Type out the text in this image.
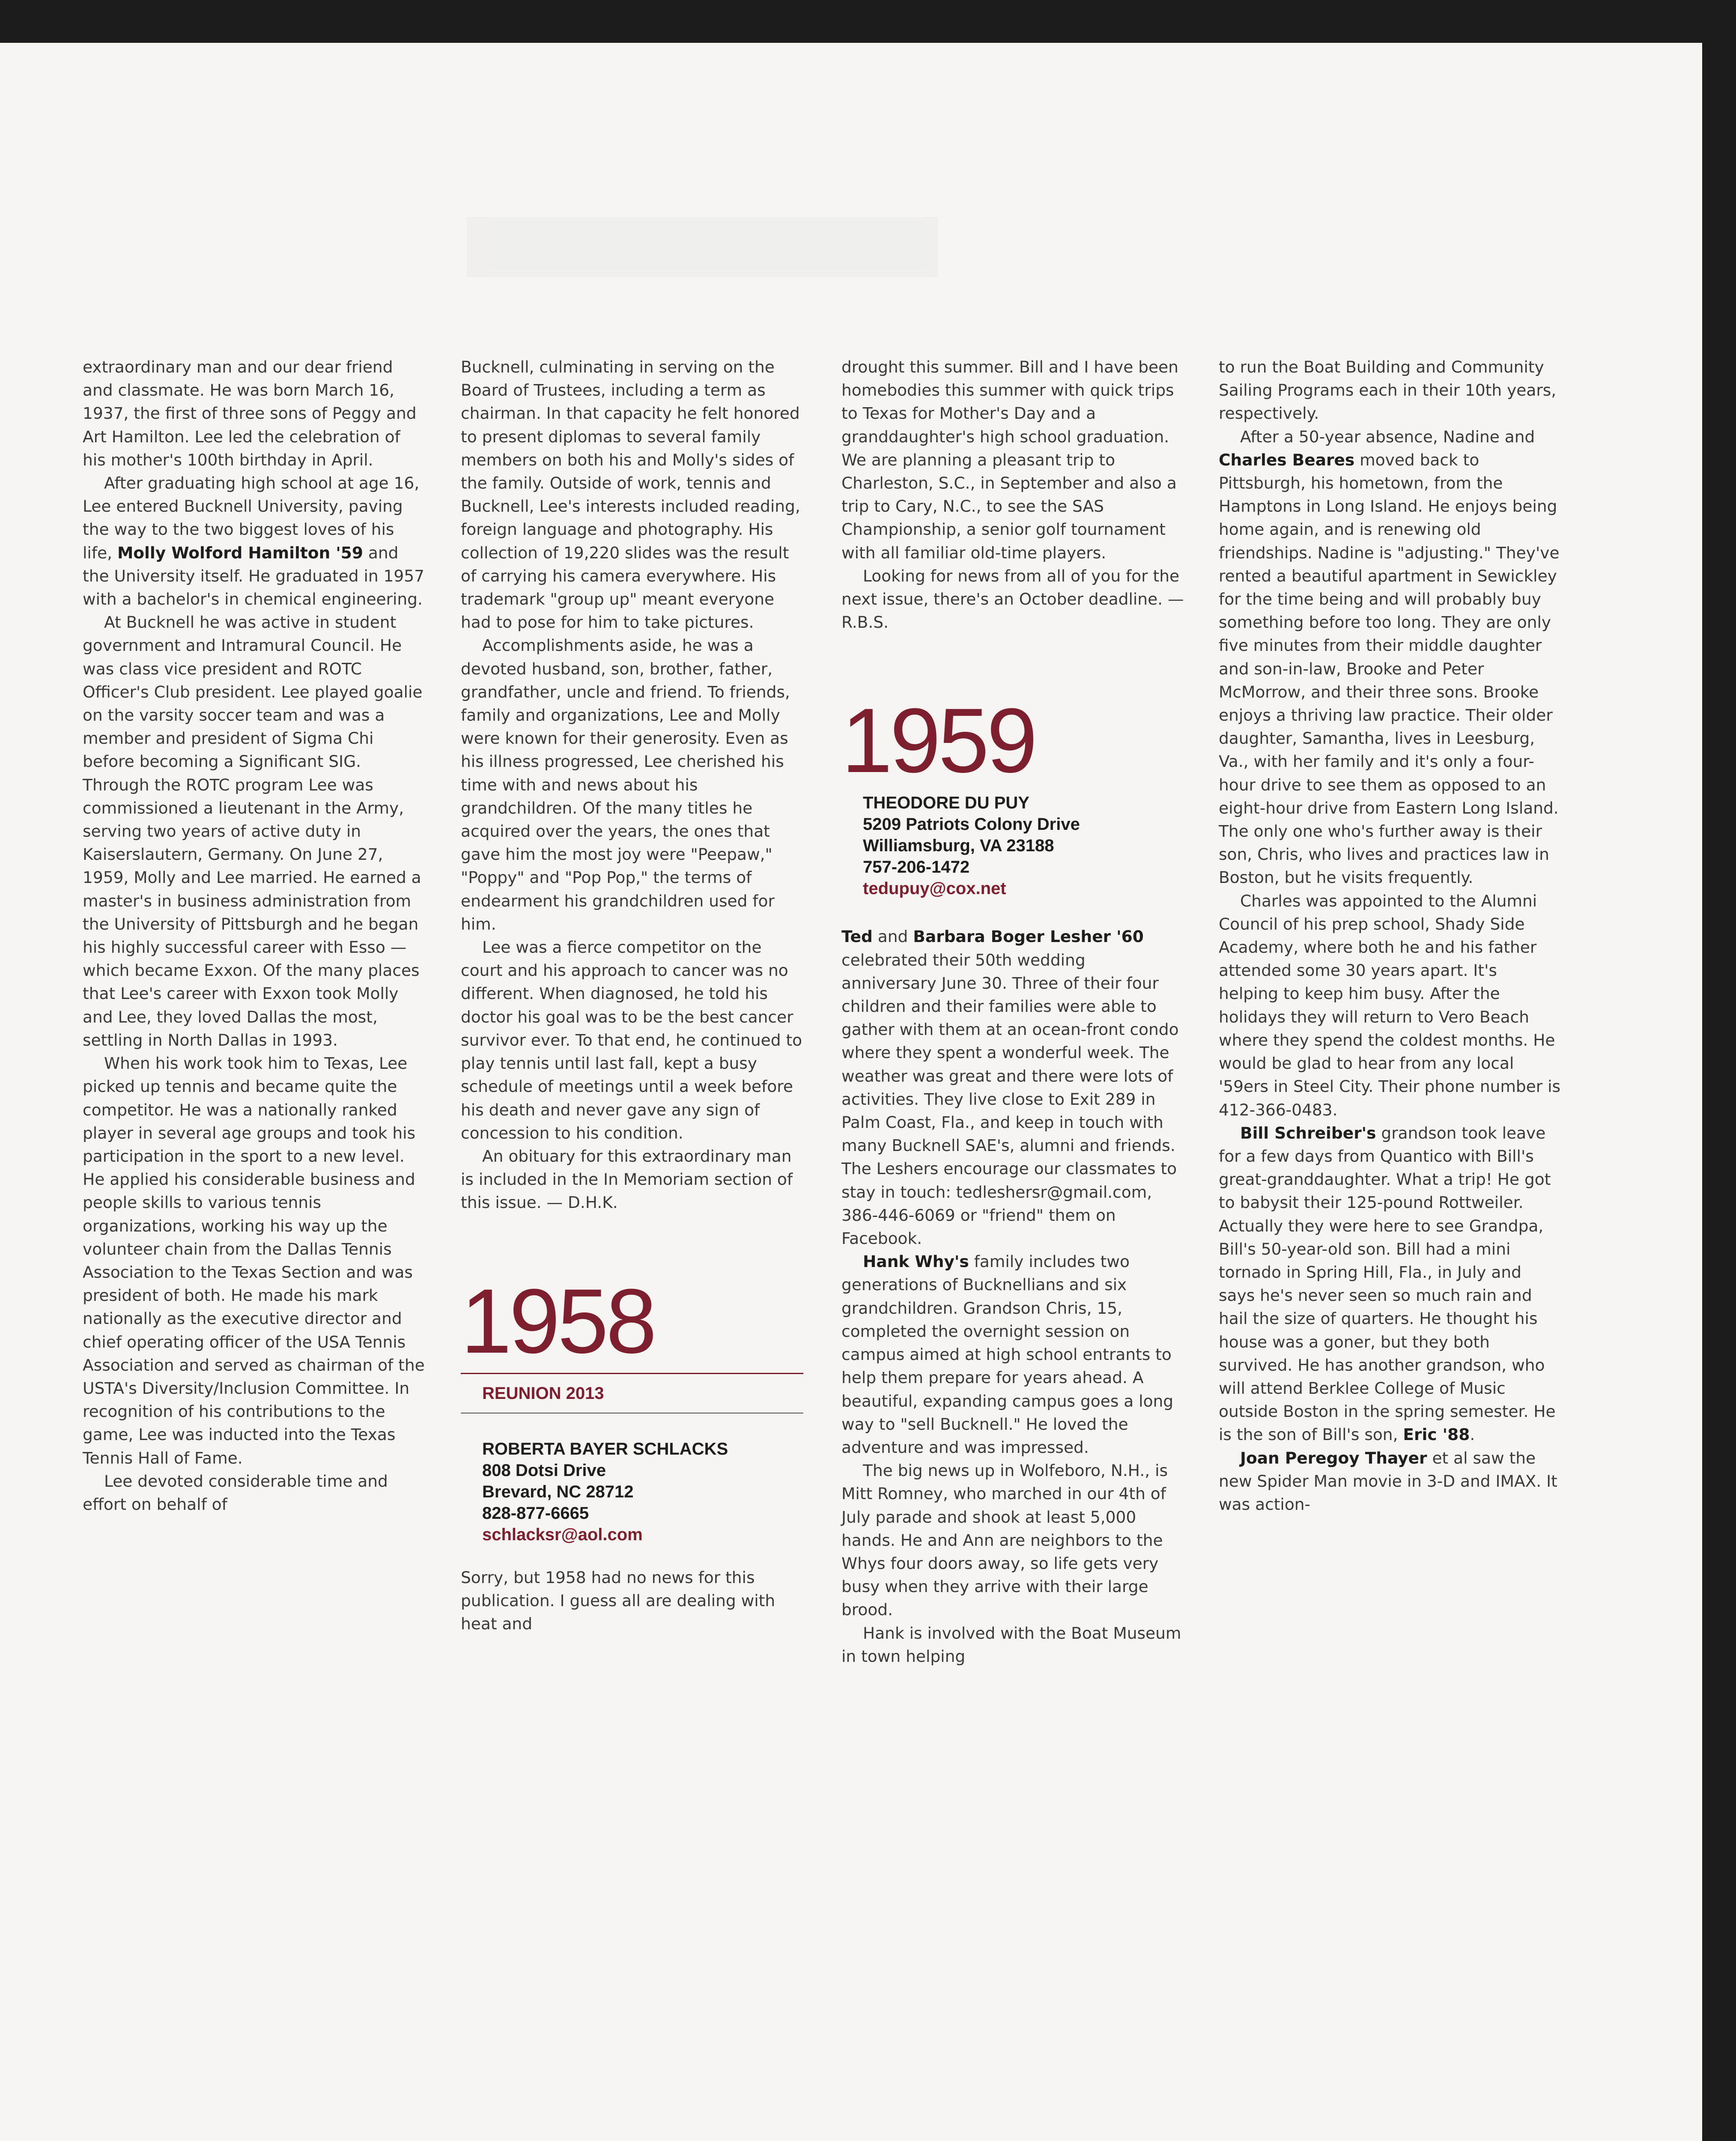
extraordinary man and our dear friend and classmate. He was born March 16, 1937, the first of three sons of Peggy and Art Hamilton. Lee led the celebration of his mother's 100th birthday in April.

After graduating high school at age 16, Lee entered Bucknell University, paving the way to the two biggest loves of his life, Molly Wolford Hamilton '59 and the University itself. He graduated in 1957 with a bachelor's in chemical engineering.

At Bucknell he was active in student government and Intramural Council. He was class vice president and ROTC Officer's Club president. Lee played goalie on the varsity soccer team and was a member and president of Sigma Chi before becoming a Significant SIG. Through the ROTC program Lee was commissioned a lieutenant in the Army, serving two years of active duty in Kaiserslautern, Germany. On June 27, 1959, Molly and Lee married. He earned a master's in business administration from the University of Pittsburgh and he began his highly successful career with Esso — which became Exxon. Of the many places that Lee's career with Exxon took Molly and Lee, they loved Dallas the most, settling in North Dallas in 1993.

When his work took him to Texas, Lee picked up tennis and became quite the competitor. He was a nationally ranked player in several age groups and took his participation in the sport to a new level. He applied his considerable business and people skills to various tennis organizations, working his way up the volunteer chain from the Dallas Tennis Association to the Texas Section and was president of both. He made his mark nationally as the executive director and chief operating officer of the USA Tennis Association and served as chairman of the USTA's Diversity/Inclusion Committee. In recognition of his contributions to the game, Lee was inducted into the Texas Tennis Hall of Fame.

Lee devoted considerable time and effort on behalf of

Bucknell, culminating in serving on the Board of Trustees, including a term as chairman. In that capacity he felt honored to present diplomas to several family members on both his and Molly's sides of the family. Outside of work, tennis and Bucknell, Lee's interests included reading, foreign language and photography. His collection of 19,220 slides was the result of carrying his camera everywhere. His trademark "group up" meant everyone had to pose for him to take pictures.

Accomplishments aside, he was a devoted husband, son, brother, father, grandfather, uncle and friend. To friends, family and organizations, Lee and Molly were known for their generosity. Even as his illness progressed, Lee cherished his time with and news about his grandchildren. Of the many titles he acquired over the years, the ones that gave him the most joy were "Peepaw," "Poppy" and "Pop Pop," the terms of endearment his grandchildren used for him.

Lee was a fierce competitor on the court and his approach to cancer was no different. When diagnosed, he told his doctor his goal was to be the best cancer survivor ever. To that end, he continued to play tennis until last fall, kept a busy schedule of meetings until a week before his death and never gave any sign of concession to his condition.

An obituary for this extraordinary man is included in the In Memoriam section of this issue. — D.H.K.

1958

REUNION 2013

ROBERTA BAYER SCHLACKS
808 Dotsi Drive
Brevard, NC 28712
828-877-6665
schlacksr@aol.com

Sorry, but 1958 had no news for this publication. I guess all are dealing with heat and

drought this summer. Bill and I have been homebodies this summer with quick trips to Texas for Mother's Day and a granddaughter's high school graduation. We are planning a pleasant trip to Charleston, S.C., in September and also a trip to Cary, N.C., to see the SAS Championship, a senior golf tournament with all familiar old-time players.

Looking for news from all of you for the next issue, there's an October deadline. — R.B.S.

1959

THEODORE DU PUY
5209 Patriots Colony Drive
Williamsburg, VA 23188
757-206-1472
tedupuy@cox.net

Ted and Barbara Boger Lesher '60 celebrated their 50th wedding anniversary June 30. Three of their four children and their families were able to gather with them at an ocean-front condo where they spent a wonderful week. The weather was great and there were lots of activities. They live close to Exit 289 in Palm Coast, Fla., and keep in touch with many Bucknell SAE's, alumni and friends. The Leshers encourage our classmates to stay in touch: tedleshersr@gmail.com, 386-446-6069 or "friend" them on Facebook.

Hank Why's family includes two generations of Bucknellians and six grandchildren. Grandson Chris, 15, completed the overnight session on campus aimed at high school entrants to help them prepare for years ahead. A beautiful, expanding campus goes a long way to "sell Bucknell." He loved the adventure and was impressed.

The big news up in Wolfeboro, N.H., is Mitt Romney, who marched in our 4th of July parade and shook at least 5,000 hands. He and Ann are neighbors to the Whys four doors away, so life gets very busy when they arrive with their large brood.

Hank is involved with the Boat Museum in town helping

to run the Boat Building and Community Sailing Programs each in their 10th years, respectively.

After a 50-year absence, Nadine and Charles Beares moved back to Pittsburgh, his hometown, from the Hamptons in Long Island. He enjoys being home again, and is renewing old friendships. Nadine is "adjusting." They've rented a beautiful apartment in Sewickley for the time being and will probably buy something before too long. They are only five minutes from their middle daughter and son-in-law, Brooke and Peter McMorrow, and their three sons. Brooke enjoys a thriving law practice. Their older daughter, Samantha, lives in Leesburg, Va., with her family and it's only a four-hour drive to see them as opposed to an eight-hour drive from Eastern Long Island. The only one who's further away is their son, Chris, who lives and practices law in Boston, but he visits frequently.

Charles was appointed to the Alumni Council of his prep school, Shady Side Academy, where both he and his father attended some 30 years apart. It's helping to keep him busy. After the holidays they will return to Vero Beach where they spend the coldest months. He would be glad to hear from any local '59ers in Steel City. Their phone number is 412-366-0483.

Bill Schreiber's grandson took leave for a few days from Quantico with Bill's great-granddaughter. What a trip! He got to babysit their 125-pound Rottweiler. Actually they were here to see Grandpa, Bill's 50-year-old son. Bill had a mini tornado in Spring Hill, Fla., in July and says he's never seen so much rain and hail the size of quarters. He thought his house was a goner, but they both survived. He has another grandson, who will attend Berklee College of Music outside Boston in the spring semester. He is the son of Bill's son, Eric '88.

Joan Peregoy Thayer et al saw the new Spider Man movie in 3-D and IMAX. It was action-
